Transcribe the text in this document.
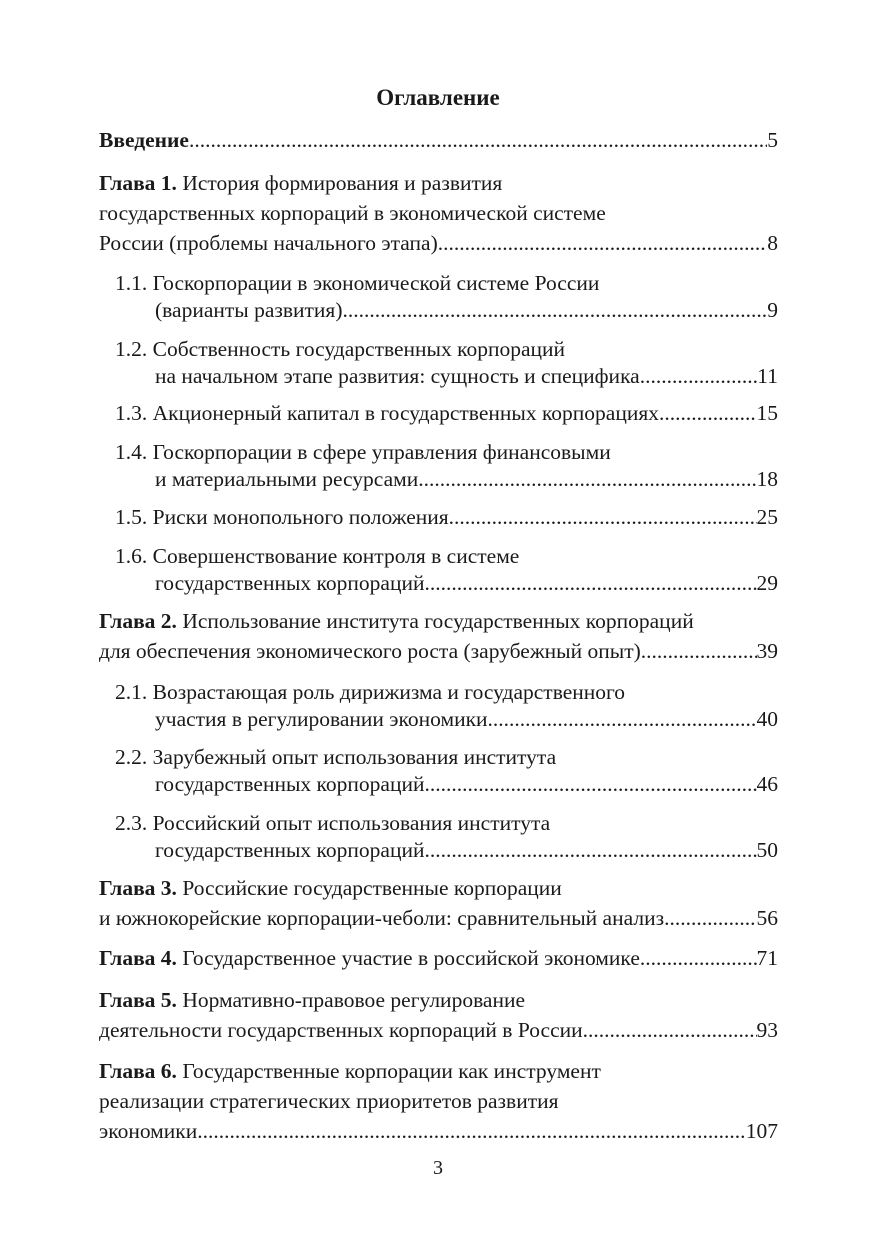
Оглавление
Введение .....	5
Глава 1. История формирования и развития
государственных корпораций в экономической системе
России (проблемы начального этапа) .....	8
1.1. Госкорпорации в экономической системе России
(варианты развития) .....	9
1.2. Собственность государственных корпораций
на начальном этапе развития: сущность и специфика .....	11
1.3. Акционерный капитал в государственных корпорациях .....	15
1.4. Госкорпорации в сфере управления финансовыми
и материальными ресурсами .....	18
1.5. Риски монопольного положения .....	25
1.6. Совершенствование контроля в системе
государственных корпораций .....	29
Глава 2. Использование института государственных корпораций
для обеспечения экономического роста (зарубежный опыт) .....	39
2.1. Возрастающая роль дирижизма и государственного
участия в регулировании экономики .....	40
2.2. Зарубежный опыт использования института
государственных корпораций .....	46
2.3. Российский опыт использования института
государственных корпораций .....	50
Глава 3. Российские государственные корпорации
и южнокорейские корпорации-чеболи: сравнительный анализ .....	56
Глава 4. Государственное участие в российской экономике .....	71
Глава 5. Нормативно-правовое регулирование
деятельности государственных корпораций в России .....	93
Глава 6. Государственные корпорации как инструмент
реализации стратегических приоритетов развития
экономики .....	107
3
